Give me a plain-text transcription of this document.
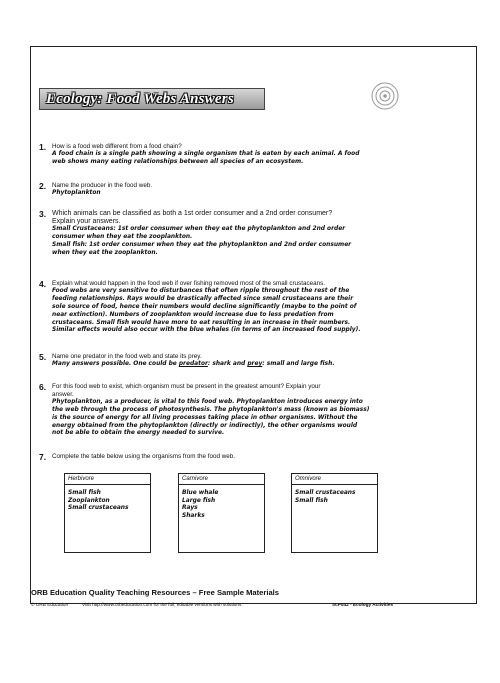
Ecology: Food Webs Answers
1. How is a food web different from a food chain?
A food chain is a single path showing a single organism that is eaten by each animal. A food
web shows many eating relationships between all species of an ecosystem.
2. Name the producer in the food web.
Phytoplankton
3. Which animals can be classified as both a 1st order consumer and a 2nd order consumer?
Explain your answers.
Small Crustaceans: 1st order consumer when they eat the phytoplankton and 2nd order
consumer when they eat the zooplankton.
Small fish: 1st order consumer when they eat the phytoplankton and 2nd order consumer
when they eat the zooplankton.
4. Explain what would happen in the food web if over fishing removed most of the small crustaceans.
Food webs are very sensitive to disturbances that often ripple throughout the rest of the
feeding relationships. Rays would be drastically affected since small crustaceans are their
sole source of food, hence their numbers would decline significantly (maybe to the point of
near extinction). Numbers of zooplankton would increase due to less predation from
crustaceans. Small fish would have more to eat resulting in an increase in their numbers.
Similar effects would also occur with the blue whales (in terms of an increased food supply).
5. Name one predator in the food web and state its prey.
Many answers possible. One could be predator: shark and prey: small and large fish.
6. For this food web to exist, which organism must be present in the greatest amount? Explain your
answer.
Phytoplankton, as a producer, is vital to this food web. Phytoplankton introduces energy into
the web through the process of photosynthesis. The phytoplankton's mass (known as biomass)
is the source of energy for all living processes taking place in other organisms. Without the
energy obtained from the phytoplankton (directly or indirectly), the other organisms would
not be able to obtain the energy needed to survive.
7. Complete the table below using the organisms from the food web.
Herbivore
Small fish
Zooplankton
Small crustaceans
Carnivore
Blue whale
Large fish
Rays
Sharks
Omnivore
Small crustaceans
Small fish
ORB Education Quality Teaching Resources – Free Sample Materials
© ORB Education	Visit http://www.orbeducation.com for the full, editable versions with solutions.	ScP042 - Ecology Activities
